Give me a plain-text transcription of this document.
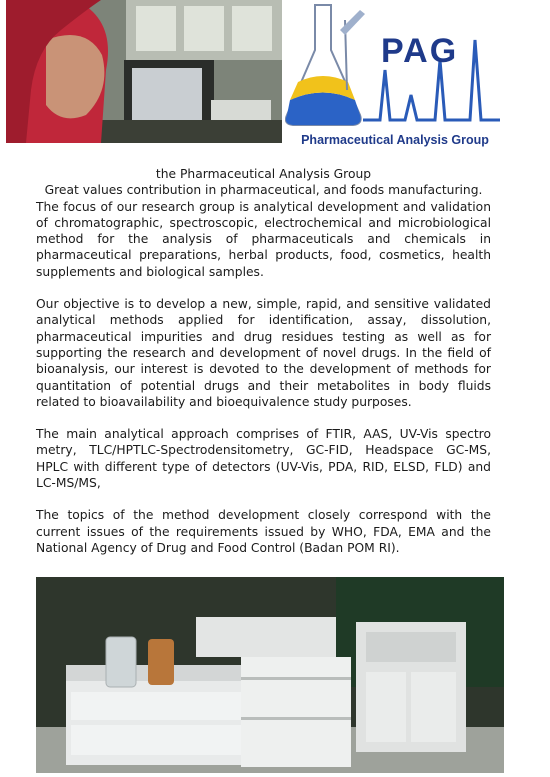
PAG
Pharmaceutical Analysis Group
the Pharmaceutical Analysis Group
Great values contribution in pharmaceutical, and foods manufacturing.

The focus of our research group is analytical development and validation of chromatographic, spectroscopic, electrochemical and microbiological method for the analysis of pharmaceuticals and chemicals in pharmaceutical preparations, herbal products, food, cosmetics, health supplements and biological samples.

Our objective is to develop a new, simple, rapid, and sensitive validated analytical methods applied for identification, assay, dissolution, pharmaceutical impurities and drug residues testing as well as for supporting the research and development of novel drugs. In the field of bioanalysis, our interest is devoted to the development of methods for quantitation of potential drugs and their metabolites in body fluids related to bioavailability and bioequivalence study purposes.

The main analytical approach comprises of FTIR, AAS, UV-Vis spectro metry, TLC/HPTLC-Spectrodensitometry, GC-FID, Headspace GC-MS, HPLC with different type of detectors (UV-Vis, PDA, RID, ELSD, FLD) and LC-MS/MS,

The topics of the method development closely correspond with the current issues of the requirements issued by WHO, FDA, EMA and the National Agency of Drug and Food Control (Badan POM RI).
